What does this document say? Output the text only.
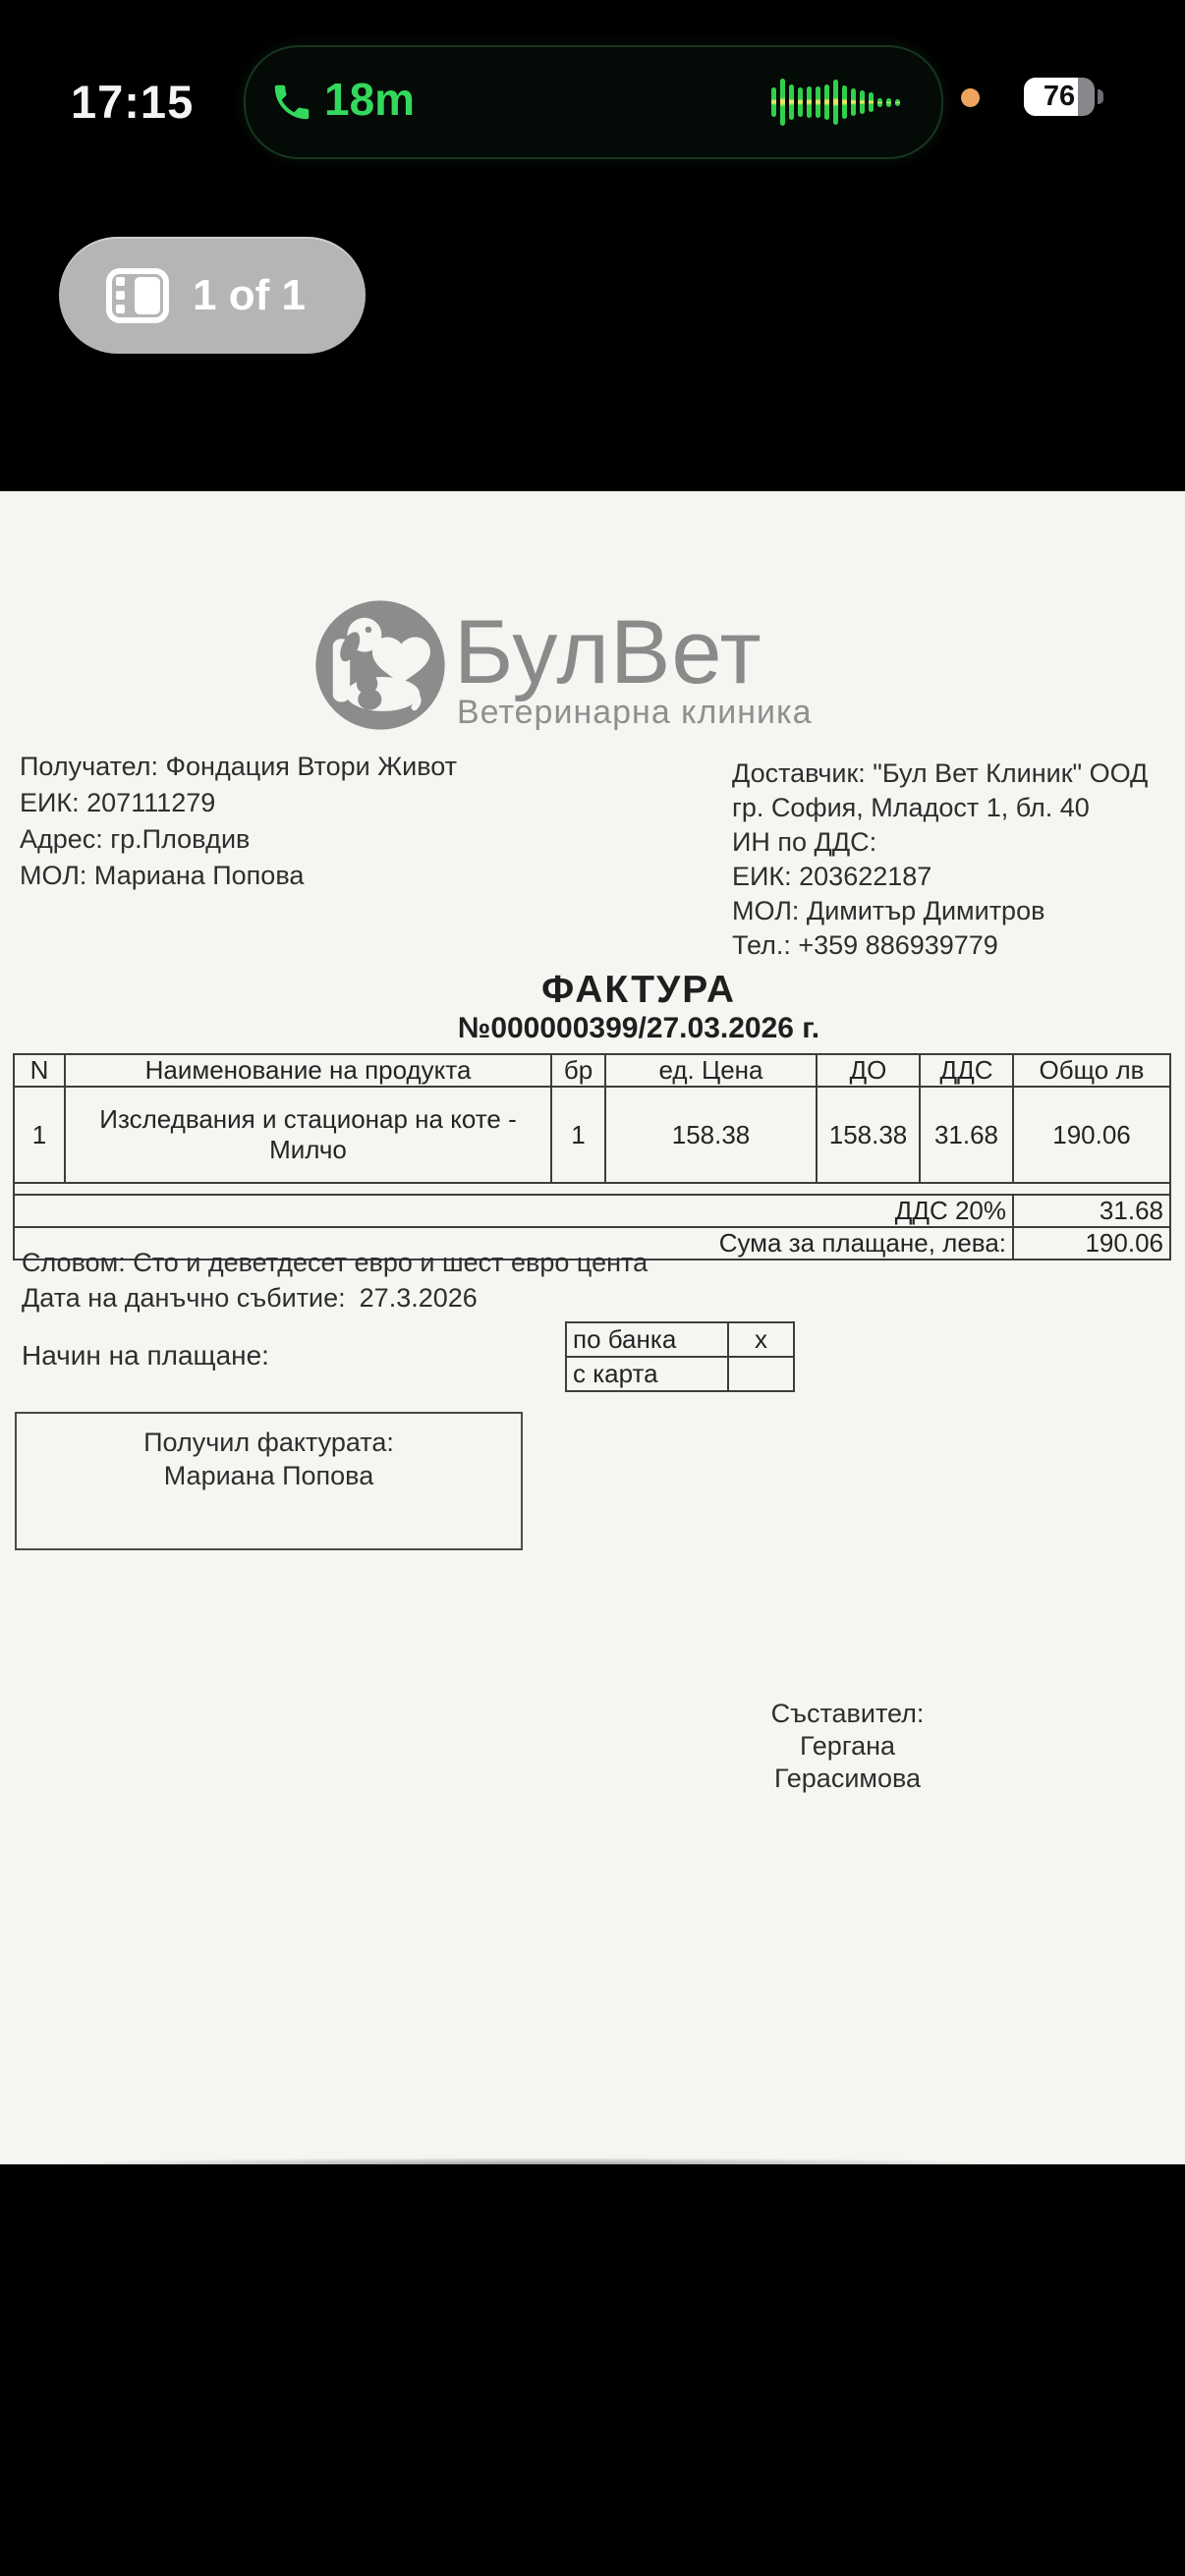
17:15	18m	76
1 of 1
БулВет
Ветеринарна клиника
Получател: Фондация Втори Живот
ЕИК: 207111279
Адрес: гр.Пловдив
МОЛ: Мариана Попова
Доставчик: "Бул Вет Клиник" ООД
гр. София, Младост 1, бл. 40
ИН по ДДС:
ЕИК: 203622187
МОЛ: Димитър Димитров
Тел.: +359 886939779
ФАКТУРА
№000000399/27.03.2026 г.
N	Наименование на продукта	бр	ед. Цена	ДО	ДДС	Общо лв
1	Изследвания и стационар на коте - Милчо	1	158.38	158.38	31.68	190.06

ДДС 20%						31.68
Сума за плащане, лева:						190.06
Словом: Сто и деветдесет евро и шест евро цента
Дата на данъчно събитие: 27.3.2026
Начин на плащане:
по банка	x
с карта	
Получил фактурата:
Мариана Попова
Съставител:
Гергана Герасимова
